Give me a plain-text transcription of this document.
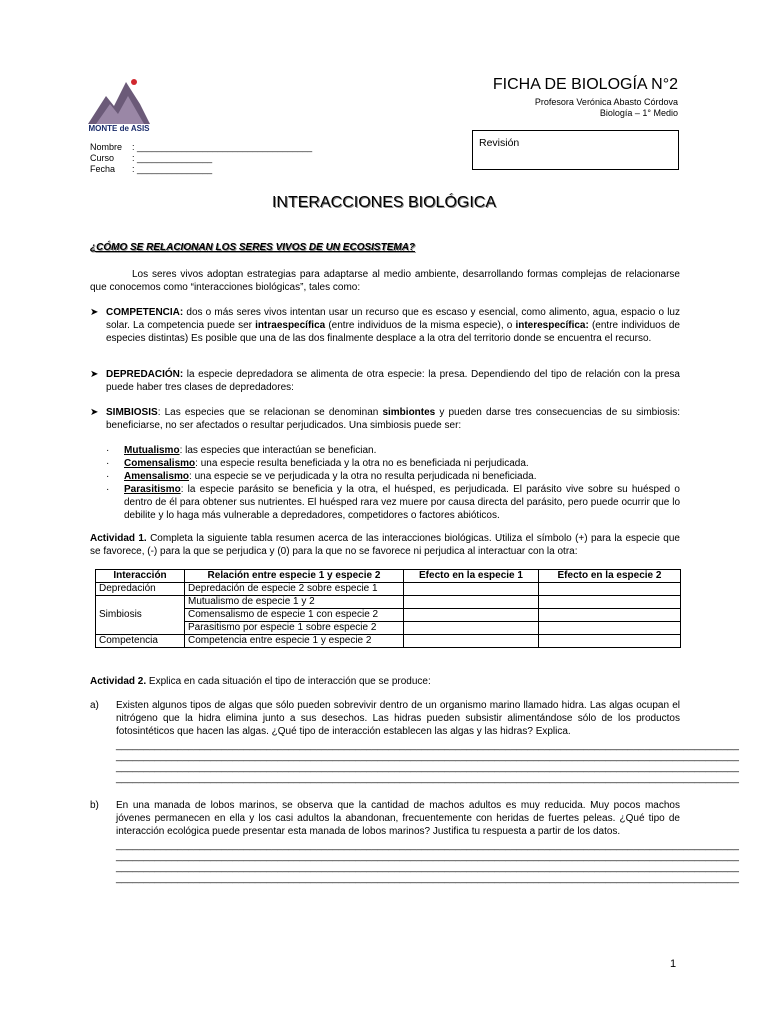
MONTE de ASIS
FICHA DE BIOLOGÍA N°2
Profesora Verónica Abasto Córdova
Biología – 1° Medio
Revisión
Nombre	: ___________________________________
Curso	: _______________
Fecha	: _______________
INTERACCIONES BIOLÓGICA
¿CÓMO SE RELACIONAN LOS SERES VIVOS DE UN ECOSISTEMA?
Los seres vivos adoptan estrategias para adaptarse al medio ambiente, desarrollando formas complejas de relacionarse que conocemos como “interacciones biológicas”, tales como:
➤ COMPETENCIA: dos o más seres vivos intentan usar un recurso que es escaso y esencial, como alimento, agua, espacio o luz solar. La competencia puede ser intraespecífica (entre individuos de la misma especie), o interespecífica: (entre individuos de especies distintas) Es posible que una de las dos finalmente desplace a la otra del territorio donde se encuentra el recurso.
➤ DEPREDACIÓN: la especie depredadora se alimenta de otra especie: la presa. Dependiendo del tipo de relación con la presa puede haber tres clases de depredadores:
➤ SIMBIOSIS: Las especies que se relacionan se denominan simbiontes y pueden darse tres consecuencias de su simbiosis: beneficiarse, no ser afectados o resultar perjudicados. Una simbiosis puede ser:
· Mutualismo: las especies que interactúan se benefician.
· Comensalismo: una especie resulta beneficiada y la otra no es beneficiada ni perjudicada.
· Amensalismo: una especie se ve perjudicada y la otra no resulta perjudicada ni beneficiada.
· Parasitismo: la especie parásito se beneficia y la otra, el huésped, es perjudicada. El parásito vive sobre su huésped o dentro de él para obtener sus nutrientes. El huésped rara vez muere por causa directa del parásito, pero puede ocurrir que lo debilite y lo haga más vulnerable a depredadores, competidores o factores abióticos.
Actividad 1. Completa la siguiente tabla resumen acerca de las interacciones biológicas. Utiliza el símbolo (+) para la especie que se favorece, (-) para la que se perjudica y (0) para la que no se favorece ni perjudica al interactuar con la otra:
Interacción	Relación entre especie 1 y especie 2	Efecto en la especie 1	Efecto en la especie 2
Depredación	Depredación de especie 2 sobre especie 1		
Simbiosis	Mutualismo de especie 1 y 2		
	Comensalismo de especie 1 con especie 2		
	Parasitismo por especie 1 sobre especie 2		
Competencia	Competencia entre especie 1 y especie 2		
Actividad 2. Explica en cada situación el tipo de interacción que se produce:
a) Existen algunos tipos de algas que sólo pueden sobrevivir dentro de un organismo marino llamado hidra. Las algas ocupan el nitrógeno que la hidra elimina junto a sus desechos. Las hidras pueden subsistir alimentándose sólo de los productos fotosintéticos que hacen las algas. ¿Qué tipo de interacción establecen las algas y las hidras? Explica.
________________________________________________________________________________________________________________
________________________________________________________________________________________________________________
________________________________________________________________________________________________________________
________________________________________________________________________________________________________________
b) En una manada de lobos marinos, se observa que la cantidad de machos adultos es muy reducida. Muy pocos machos jóvenes permanecen en ella y los casi adultos la abandonan, frecuentemente con heridas de fuertes peleas. ¿Qué tipo de interacción ecológica puede presentar esta manada de lobos marinos? Justifica tu respuesta a partir de los datos.
________________________________________________________________________________________________________________
________________________________________________________________________________________________________________
________________________________________________________________________________________________________________
________________________________________________________________________________________________________________
1
